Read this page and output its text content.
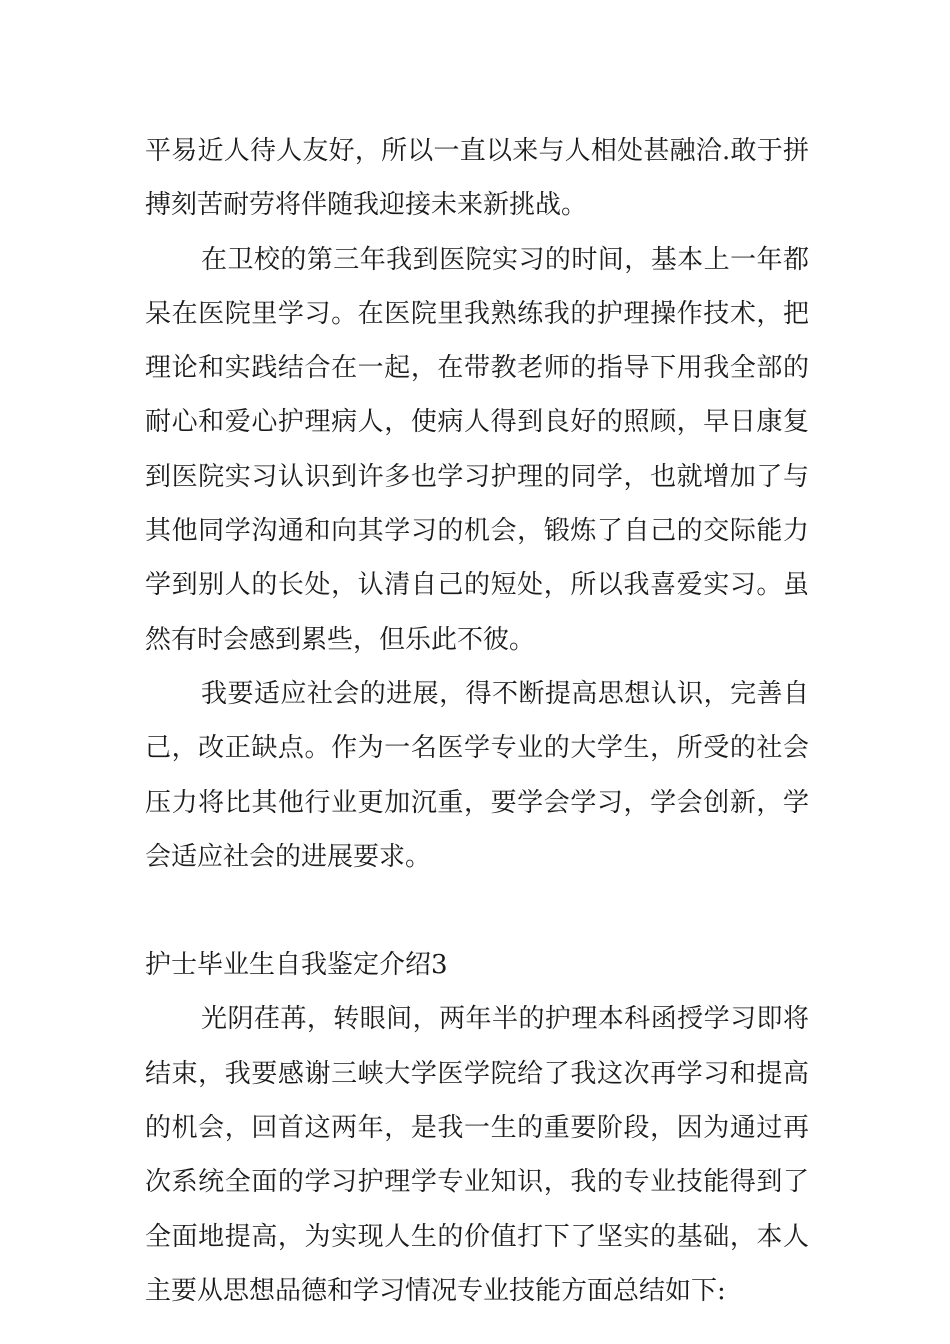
平易近人待人友好，所以一直以来与人相处甚融洽.敢于拼搏刻苦耐劳将伴随我迎接未来新挑战。

在卫校的第三年我到医院实习的时间，基本上一年都呆在医院里学习。在医院里我熟练我的护理操作技术，把理论和实践结合在一起，在带教老师的指导下用我全部的耐心和爱心护理病人，使病人得到良好的照顾，早日康复到医院实习认识到许多也学习护理的同学，也就增加了与其他同学沟通和向其学习的机会，锻炼了自己的交际能力学到别人的长处，认清自己的短处，所以我喜爱实习。虽然有时会感到累些，但乐此不彼。

我要适应社会的进展，得不断提高思想认识，完善自己，改正缺点。作为一名医学专业的大学生，所受的社会压力将比其他行业更加沉重，要学会学习，学会创新，学会适应社会的进展要求。

护士毕业生自我鉴定介绍3

光阴荏苒，转眼间，两年半的护理本科函授学习即将结束，我要感谢三峡大学医学院给了我这次再学习和提高的机会，回首这两年，是我一生的重要阶段，因为通过再次系统全面的学习护理学专业知识，我的专业技能得到了全面地提高，为实现人生的价值打下了坚实的基础，本人主要从思想品德和学习情况专业技能方面总结如下:
